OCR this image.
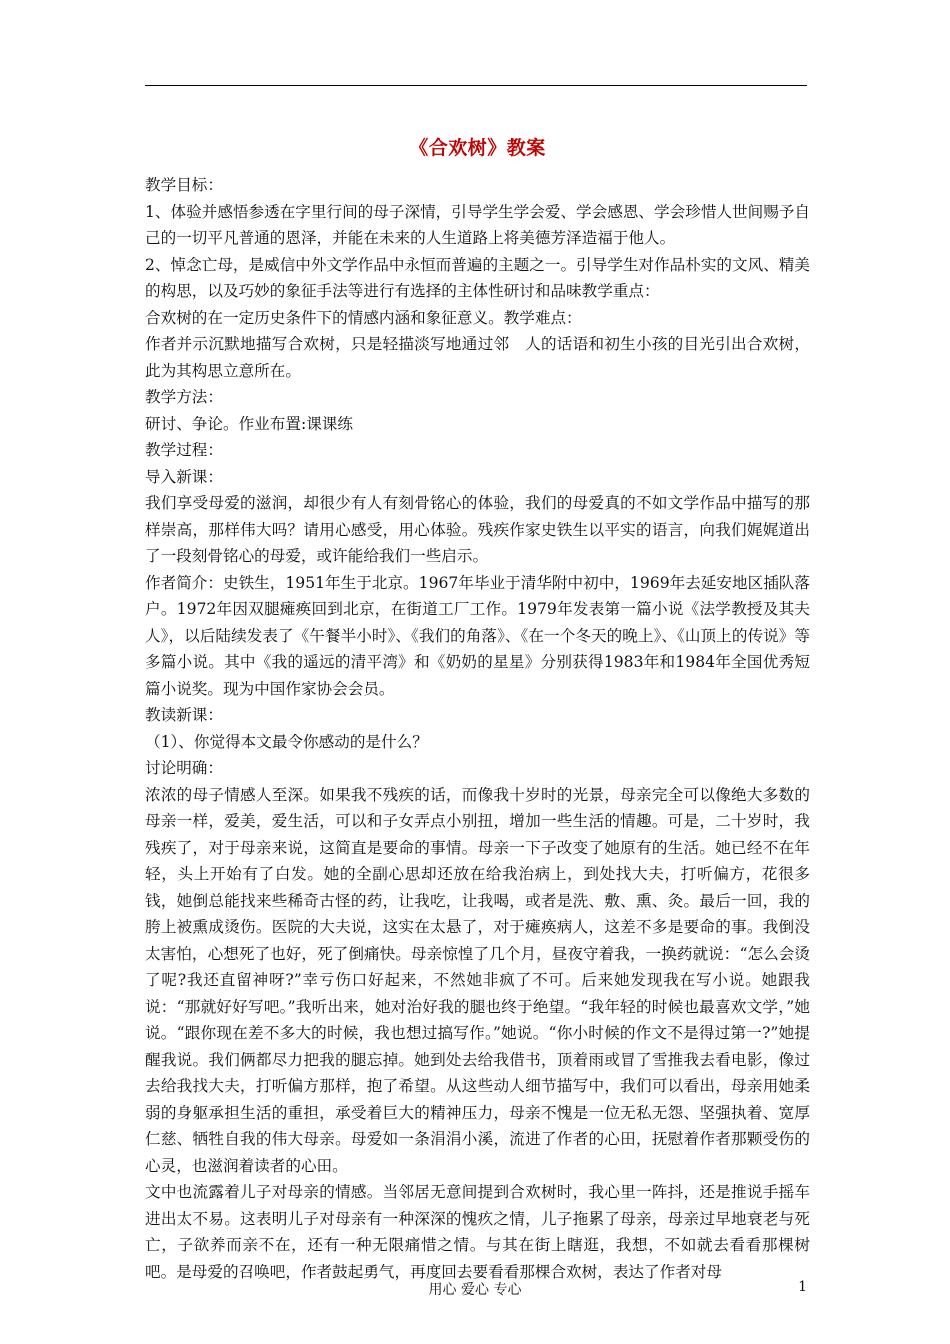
《合欢树》教案

教学目标：

1、体验并感悟参透在字里行间的母子深情，引导学生学会爱、学会感恩、学会珍惜人世间赐予自己的一切平凡普通的恩泽，并能在未来的人生道路上将美德芳泽造福于他人。

2、悼念亡母，是威信中外文学作品中永恒而普遍的主题之一。引导学生对作品朴实的文风、精美的构思，以及巧妙的象征手法等进行有选择的主体性研讨和品味教学重点：

合欢树的在一定历史条件下的情感内涵和象征意义。教学难点：

作者并示沉默地描写合欢树，只是轻描淡写地通过邻　人的话语和初生小孩的目光引出合欢树，此为其构思立意所在。

教学方法：

研讨、争论。作业布置:课课练

教学过程：

导入新课：

我们享受母爱的滋润，却很少有人有刻骨铭心的体验，我们的母爱真的不如文学作品中描写的那样崇高，那样伟大吗？请用心感受，用心体验。残疾作家史铁生以平实的语言，向我们娓娓道出了一段刻骨铭心的母爱，或许能给我们一些启示。

作者简介：史铁生，1951年生于北京。1967年毕业于清华附中初中，1969年去延安地区插队落户。1972年因双腿瘫痪回到北京，在街道工厂工作。1979年发表第一篇小说《法学教授及其夫人》，以后陆续发表了《午餐半小时》、《我们的角落》、《在一个冬天的晚上》、《山顶上的传说》等多篇小说。其中《我的遥远的清平湾》和《奶奶的星星》分别获得1983年和1984年全国优秀短篇小说奖。现为中国作家协会会员。

教读新课：

（1）、你觉得本文最令你感动的是什么？

讨论明确：

浓浓的母子情感人至深。如果我不残疾的话，而像我十岁时的光景，母亲完全可以像绝大多数的母亲一样，爱美，爱生活，可以和子女弄点小别扭，增加一些生活的情趣。可是，二十岁时，我残疾了，对于母亲来说，这简直是要命的事情。母亲一下子改变了她原有的生活。她已经不在年轻，头上开始有了白发。她的全副心思却还放在给我治病上，到处找大夫，打听偏方，花很多钱，她倒总能找来些稀奇古怪的药，让我吃，让我喝，或者是洗、敷、熏、灸。最后一回，我的胯上被熏成烫伤。医院的大夫说，这实在太悬了，对于瘫痪病人，这差不多是要命的事。我倒没太害怕，心想死了也好，死了倒痛快。母亲惊惶了几个月，昼夜守着我，一换药就说：“怎么会烫了呢?我还直留神呀?”幸亏伤口好起来，不然她非疯了不可。后来她发现我在写小说。她跟我说：“那就好好写吧。”我听出来，她对治好我的腿也终于绝望。“我年轻的时候也最喜欢文学，”她说。“跟你现在差不多大的时候，我也想过搞写作。”她说。“你小时候的作文不是得过第一?”她提醒我说。我们俩都尽力把我的腿忘掉。她到处去给我借书，顶着雨或冒了雪推我去看电影，像过去给我找大夫，打听偏方那样，抱了希望。从这些动人细节描写中，我们可以看出，母亲用她柔弱的身躯承担生活的重担，承受着巨大的精神压力，母亲不愧是一位无私无怨、坚强执着、宽厚仁慈、牺牲自我的伟大母亲。母爱如一条涓涓小溪，流进了作者的心田，抚慰着作者那颗受伤的心灵，也滋润着读者的心田。

文中也流露着儿子对母亲的情感。当邻居无意间提到合欢树时，我心里一阵抖，还是推说手摇车进出太不易。这表明儿子对母亲有一种深深的愧疚之情，儿子拖累了母亲，母亲过早地衰老与死亡，子欲养而亲不在，还有一种无限痛惜之情。与其在街上瞎逛，我想，不如就去看看那棵树吧。是母爱的召唤吧，作者鼓起勇气，再度回去要看看那棵合欢树，表达了作者对母

用心 爱心 专心	1
